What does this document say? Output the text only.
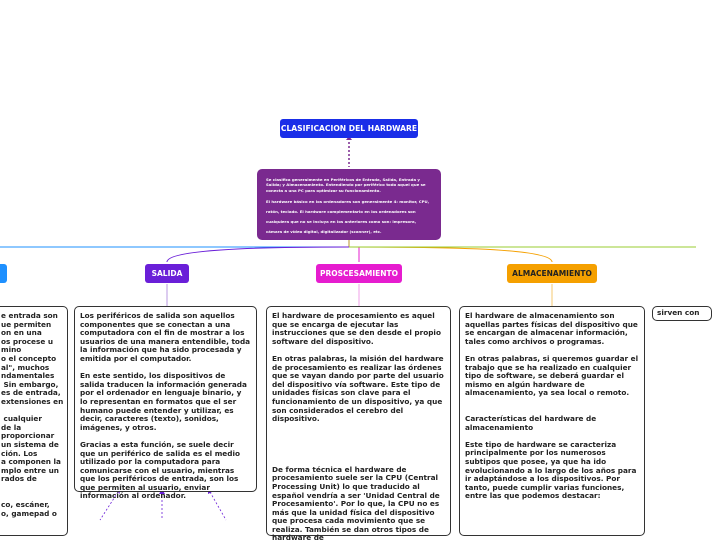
CLASIFICACION DEL HARDWARE

Se clasifica generalmente en Periféricos de Entrada, Salida, Entrada y Salida; y Almacenamiento. Entendiendo por periférico todo aquel que se conecta a una PC para optimizar su funcionamiento.

El hardware básico en los ordenadores son generalmente 4: monitor, CPU, ratón, teclado. El hardware complementario en los ordenadores son cualquiera que no se incluya en los anteriores como son: impresora, cámara de vídeo digital, digitalizador (scanner), etc.

SALIDA	PROSCESAMIENTO	ALMACENAMIENTO
e entrada son
ue permiten
on en una
os procese u
mino
o el concepto
al", muchos
ndamentales
Sin embargo,
es de entrada,
extensiones en
cualquier
de la
proporcionar
un sistema de
ción. Los
a componen la
mplo entre un
rados de
co, escáner,
o, gamepad o

Los periféricos de salida son aquellos componentes que se conectan a una computadora con el fin de mostrar a los usuarios de una manera entendible, toda la información que ha sido procesada y emitida por el computador.

En este sentido, los dispositivos de salida traducen la información generada por el ordenador en lenguaje binario, y lo representan en formatos que el ser humano puede entender y utilizar, es decir, caracteres (texto), sonidos, imágenes, y otros.

Gracias a esta función, se suele decir que un periférico de salida es el medio utilizado por la computadora para comunicarse con el usuario, mientras que los periféricos de entrada, son los que permiten al usuario, enviar información al ordenador.

El hardware de procesamiento es aquel que se encarga de ejecutar las instrucciones que se den desde el propio software del dispositivo.

En otras palabras, la misión del hardware de procesamiento es realizar las órdenes que se vayan dando por parte del usuario del dispositivo vía software. Este tipo de unidades físicas son clave para el funcionamiento de un dispositivo, ya que son considerados el cerebro del dispositivo.

De forma técnica el hardware de procesamiento suele ser la CPU (Central Processing Unit) lo que traducido al español vendría a ser 'Unidad Central de Procesamiento'. Por lo que, la CPU no es más que la unidad física del dispositivo que procesa cada movimiento que se realiza. También se dan otros tipos de hardware de

El hardware de almacenamiento son aquellas partes físicas del dispositivo que se encargan de almacenar información, tales como archivos o programas.

En otras palabras, si queremos guardar el trabajo que se ha realizado en cualquier tipo de software, se deberá guardar el mismo en algún hardware de almacenamiento, ya sea local o remoto.

Características del hardware de almacenamiento

Este tipo de hardware se caracteriza principalmente por los numerosos subtipos que posee, ya que ha ido evolucionando a lo largo de los años para ir adaptándose a los dispositivos. Por tanto, puede cumplir varias funciones, entre las que podemos destacar:

sirven con
